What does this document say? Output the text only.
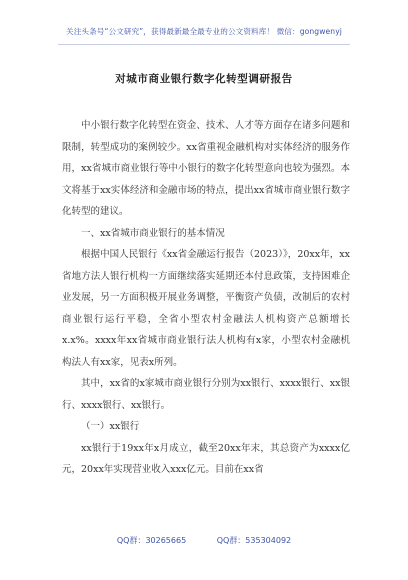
关注头条号“公文研究”，获得最新最全最专业的公文资料库！ 微信：gongwenyj
对城市商业银行数字化转型调研报告

中小银行数字化转型在资金、技术、人才等方面存在诸多问题和限制，转型成功的案例较少。xx省重视金融机构对实体经济的服务作用，xx省城市商业银行等中小银行的数字化转型意向也较为强烈。本文将基于xx实体经济和金融市场的特点，提出xx省城市商业银行数字化转型的建议。

一、xx省城市商业银行的基本情况

根据中国人民银行《xx省金融运行报告（2023）》，20xx年，xx省地方法人银行机构一方面继续落实延期还本付息政策，支持困难企业发展，另一方面积极开展业务调整，平衡资产负债，改制后的农村商业银行运行平稳，全省小型农村金融法人机构资产总额增长x.x%。xxxx年xx省城市商业银行法人机构有x家，小型农村金融机构法人有xx家，见表x所列。

其中，xx省的x家城市商业银行分别为xx银行、xxxx银行、xx银行、xxxx银行、xx银行。

（一）xx银行

xx银行于19xx年x月成立，截至20xx年末，其总资产为xxxx亿元，20xx年实现营业收入xxx亿元。目前在xx省

QQ群：30265665	QQ群：535304092
